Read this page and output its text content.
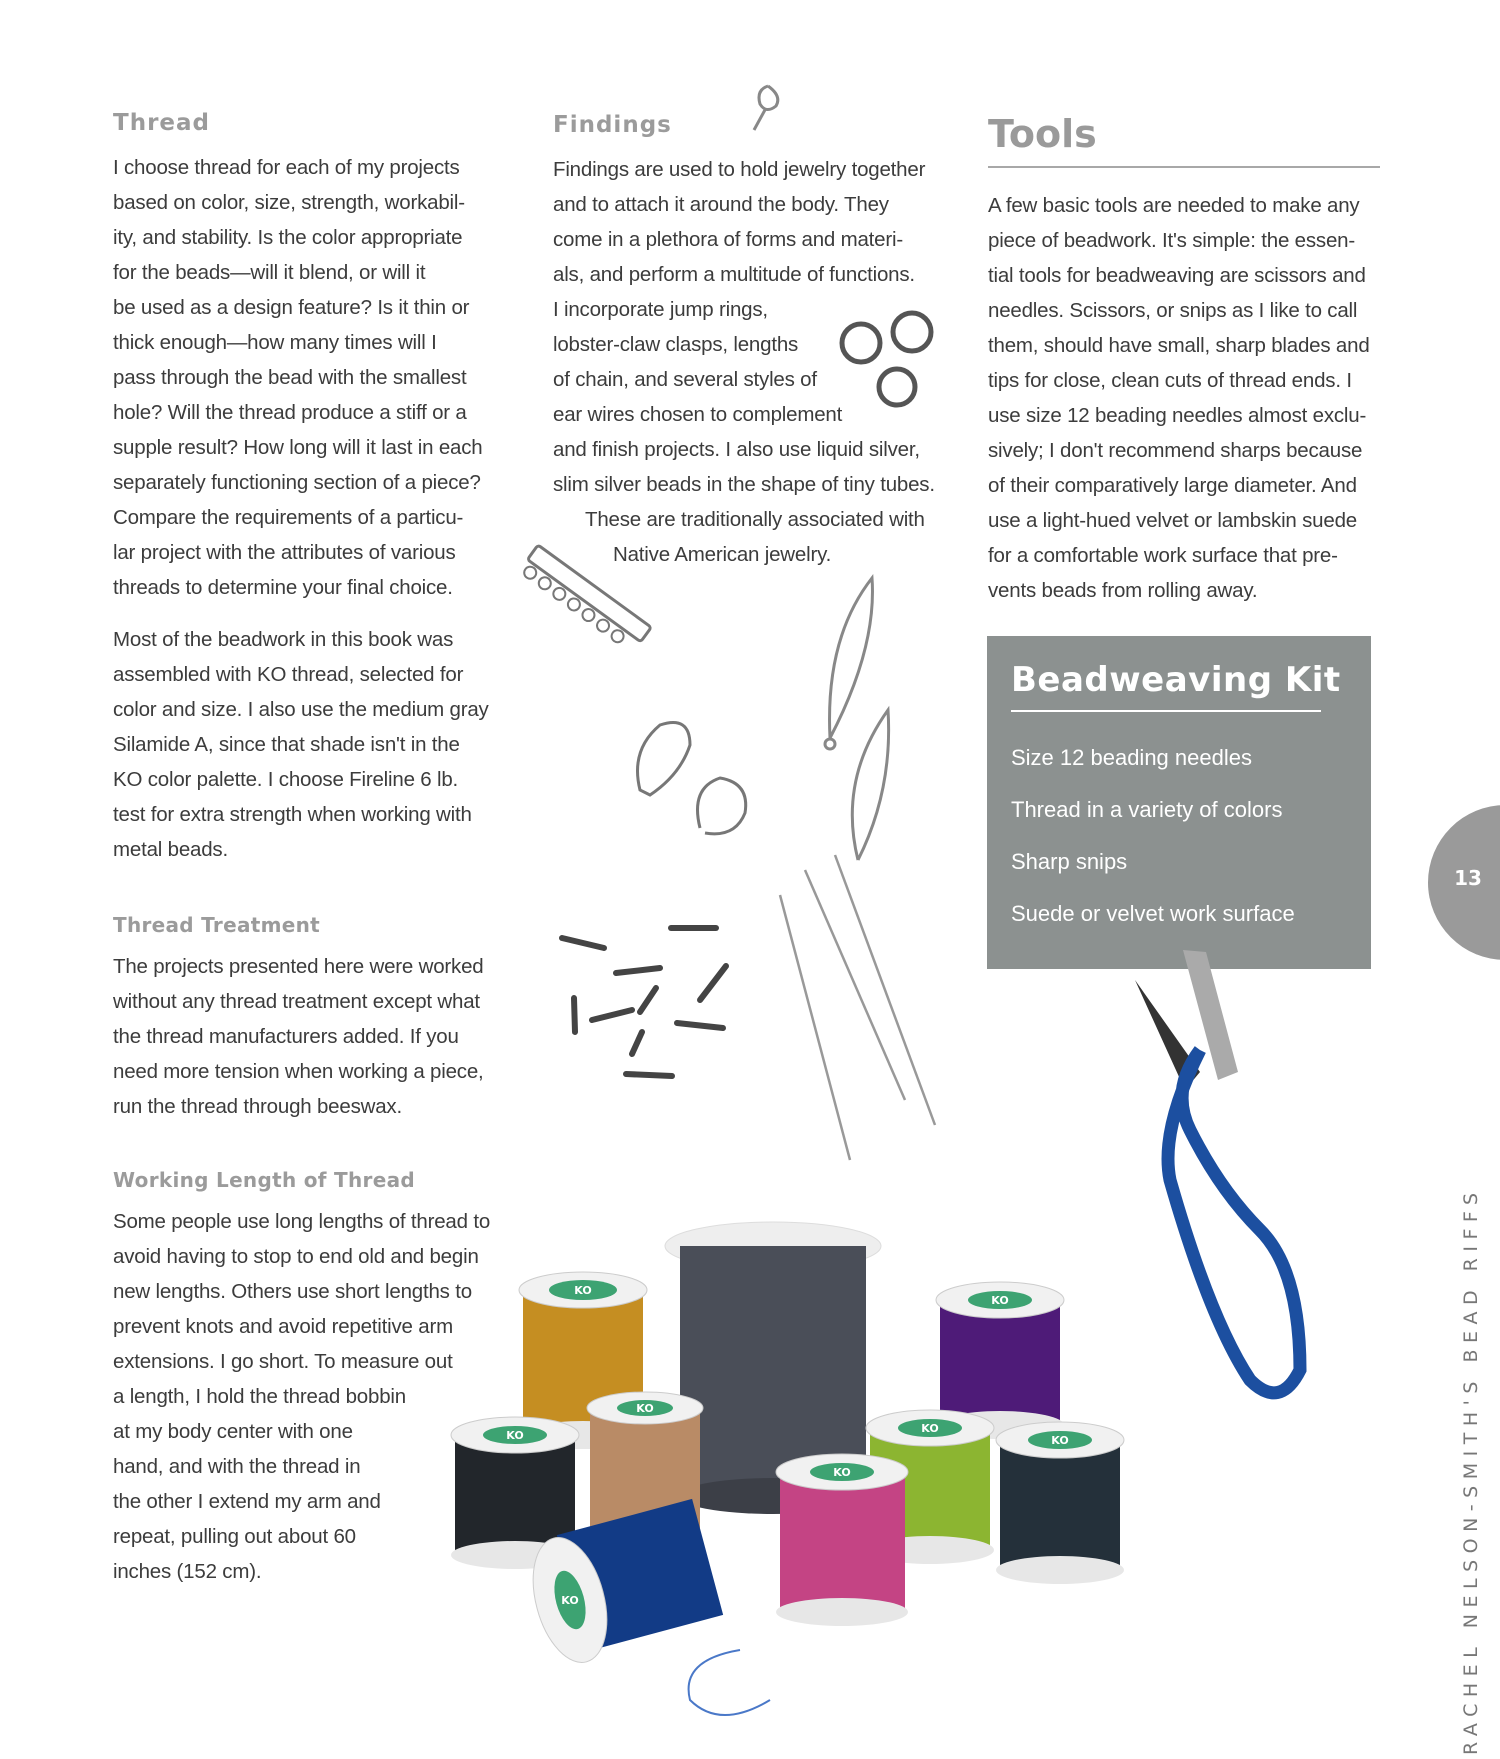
Thread

I choose thread for each of my projects

based on color, size, strength, workabil-

ity, and stability. Is the color appropriate

for the beads—will it blend, or will it

be used as a design feature? Is it thin or

thick enough—how many times will I

pass through the bead with the smallest

hole? Will the thread produce a stiff or a

supple result? How long will it last in each

separately functioning section of a piece?

Compare the requirements of a particu-

lar project with the attributes of various

threads to determine your final choice.

Most of the beadwork in this book was

assembled with KO thread, selected for

color and size. I also use the medium gray

Silamide A, since that shade isn't in the

KO color palette. I choose Fireline 6 lb.

test for extra strength when working with

metal beads.

Thread Treatment

The projects presented here were worked

without any thread treatment except what

the thread manufacturers added. If you

need more tension when working a piece,

run the thread through beeswax.

Working Length of Thread

Some people use long lengths of thread to

avoid having to stop to end old and begin

new lengths. Others use short lengths to

prevent knots and avoid repetitive arm

extensions. I go short. To measure out

a length, I hold the thread bobbin

at my body center with one

hand, and with the thread in

the other I extend my arm and

repeat, pulling out about 60

inches (152 cm).

Findings

Findings are used to hold jewelry together

and to attach it around the body. They

come in a plethora of forms and materi-

als, and perform a multitude of functions.

I incorporate jump rings,

lobster-claw clasps, lengths

of chain, and several styles of

ear wires chosen to complement

and finish projects. I also use liquid silver,

slim silver beads in the shape of tiny tubes.

These are traditionally associated with

Native American jewelry.

Tools

A few basic tools are needed to make any

piece of beadwork. It's simple: the essen-

tial tools for beadweaving are scissors and

needles. Scissors, or snips as I like to call

them, should have small, sharp blades and

tips for close, clean cuts of thread ends. I

use size 12 beading needles almost exclu-

sively; I don't recommend sharps because

of their comparatively large diameter. And

use a light-hued velvet or lambskin suede

for a comfortable work surface that pre-

vents beads from rolling away.

Beadweaving Kit
Size 12 beading needles
Thread in a variety of colors
Sharp snips
Suede or velvet work surface
KO
KO
KO
KO
KO
KO
KO
KO
13
RACHEL NELSON-SMITH'S BEAD RIFFS
